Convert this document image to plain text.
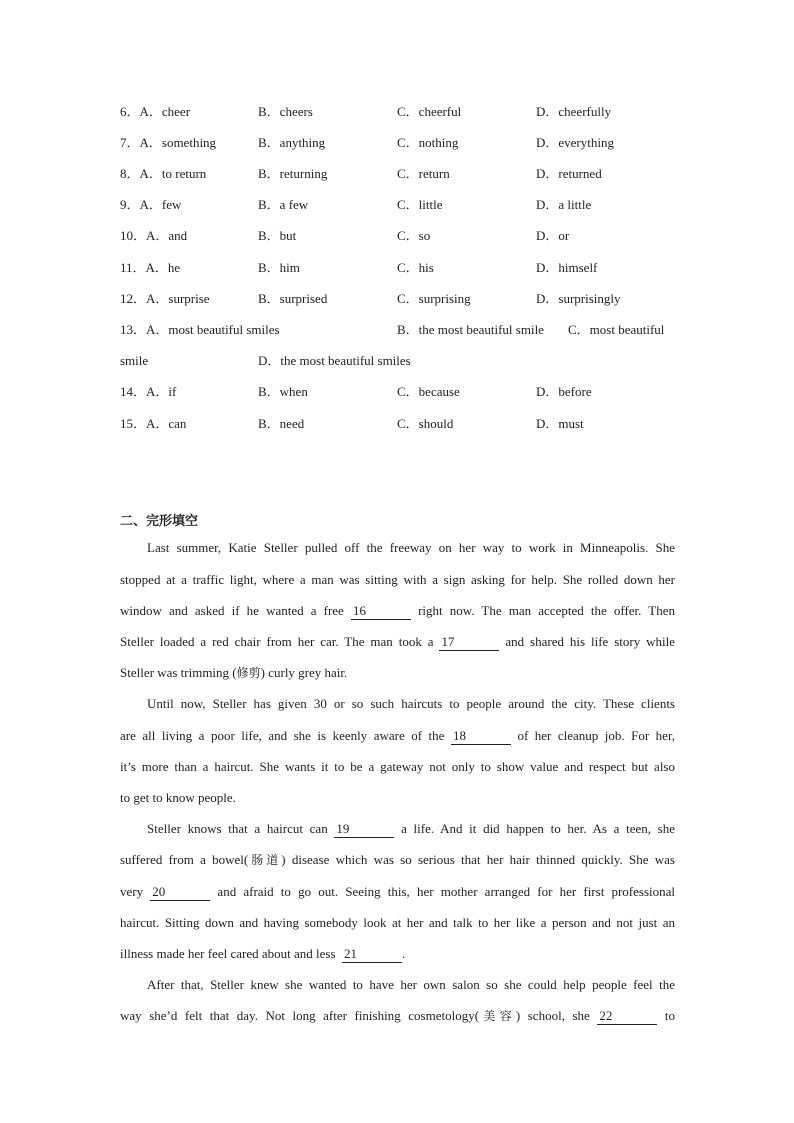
6．A．cheer	B．cheers	C．cheerful	D．cheerfully
7．A．something	B．anything	C．nothing	D．everything
8．A．to return	B．returning	C．return	D．returned
9．A．few	B．a few	C．little	D．a little
10．A．and	B．but	C．so	D．or
11．A．he	B．him	C．his	D．himself
12．A．surprise	B．surprised	C．surprising	D．surprisingly
13．A．most beautiful smiles	B．the most beautiful smile C．most beautiful
smile	D．the most beautiful smiles
14．A．if	B．when	C．because	D．before
15．A．can	B．need	C．should	D．must
二、完形填空
Last summer, Katie Steller pulled off the freeway on her way to work in Minneapolis. She
stopped at a traffic light, where a man was sitting with a sign asking for help. She rolled down her
window and asked if he wanted a free 16	right now. The man accepted the offer. Then
Steller loaded a red chair from her car. The man took a 17	and shared his life story while
Steller was trimming (修剪) curly grey hair.
Until now, Steller has given 30 or so such haircuts to people around the city. These clients
are all living a poor life, and she is keenly aware of the 18	of her cleanup job. For her,
it’s more than a haircut. She wants it to be a gateway not only to show value and respect but also
to get to know people.
Steller knows that a haircut can 19	a life. And it did happen to her. As a teen, she
suffered from a bowel(肠道) disease which was so serious that her hair thinned quickly. She was
very 20	and afraid to go out. Seeing this, her mother arranged for her first professional
haircut. Sitting down and having somebody look at her and talk to her like a person and not just an
illness made her feel cared about and less 21	.
After that, Steller knew she wanted to have her own salon so she could help people feel the
way she’d felt that day. Not long after finishing cosmetology(美容) school, she 22	to
